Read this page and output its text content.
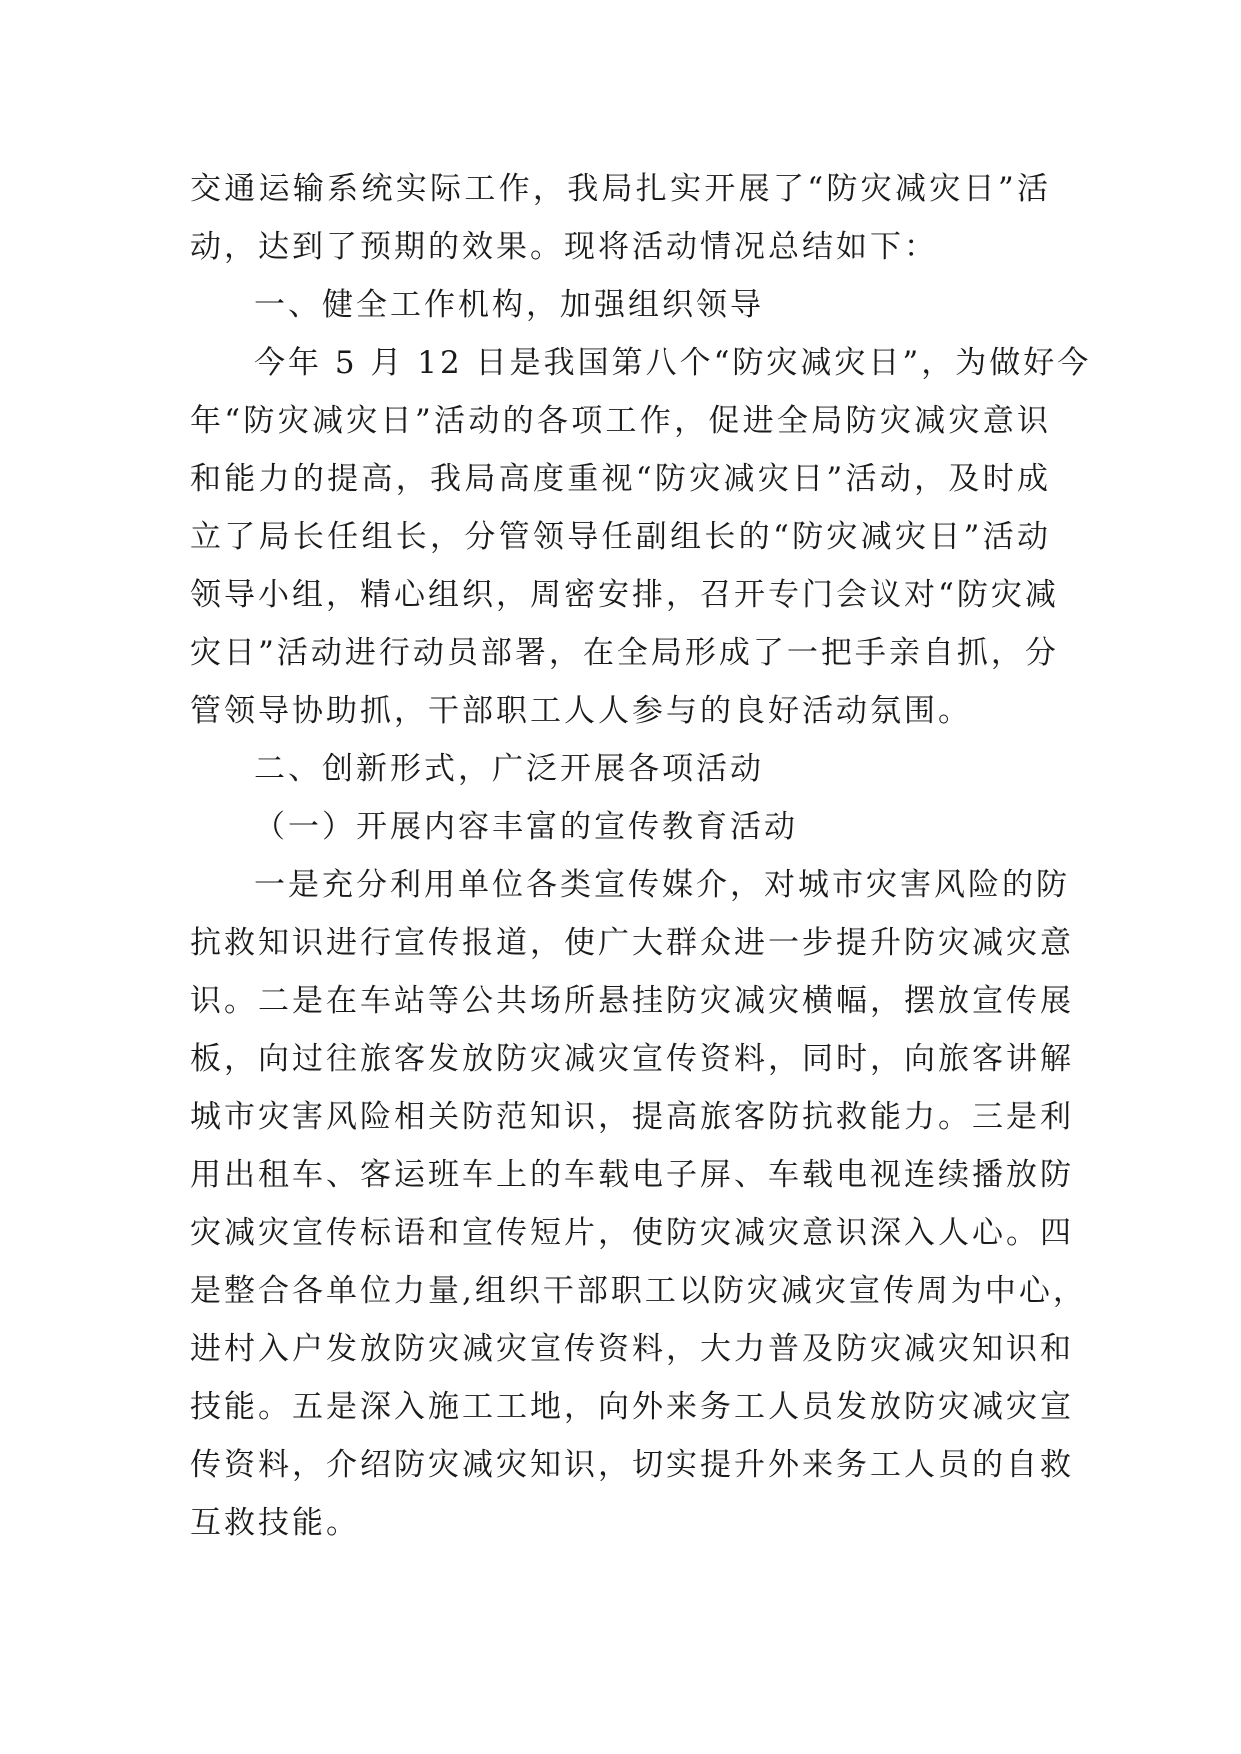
交通运输系统实际工作，我局扎实开展了“防灾减灾日”活
动，达到了预期的效果。现将活动情况总结如下：
一、健全工作机构，加强组织领导
今年 5 月 12 日是我国第八个“防灾减灾日”，为做好今
年“防灾减灾日”活动的各项工作，促进全局防灾减灾意识
和能力的提高，我局高度重视“防灾减灾日”活动，及时成
立了局长任组长，分管领导任副组长的“防灾减灾日”活动
领导小组，精心组织，周密安排，召开专门会议对“防灾减
灾日”活动进行动员部署，在全局形成了一把手亲自抓，分
管领导协助抓，干部职工人人参与的良好活动氛围。
二、创新形式，广泛开展各项活动
（一）开展内容丰富的宣传教育活动
一是充分利用单位各类宣传媒介，对城市灾害风险的防
抗救知识进行宣传报道，使广大群众进一步提升防灾减灾意
识。二是在车站等公共场所悬挂防灾减灾横幅，摆放宣传展
板，向过往旅客发放防灾减灾宣传资料，同时，向旅客讲解
城市灾害风险相关防范知识，提高旅客防抗救能力。三是利
用出租车、客运班车上的车载电子屏、车载电视连续播放防
灾减灾宣传标语和宣传短片，使防灾减灾意识深入人心。四
是整合各单位力量,组织干部职工以防灾减灾宣传周为中心，
进村入户发放防灾减灾宣传资料，大力普及防灾减灾知识和
技能。五是深入施工工地，向外来务工人员发放防灾减灾宣
传资料，介绍防灾减灾知识，切实提升外来务工人员的自救
互救技能。
